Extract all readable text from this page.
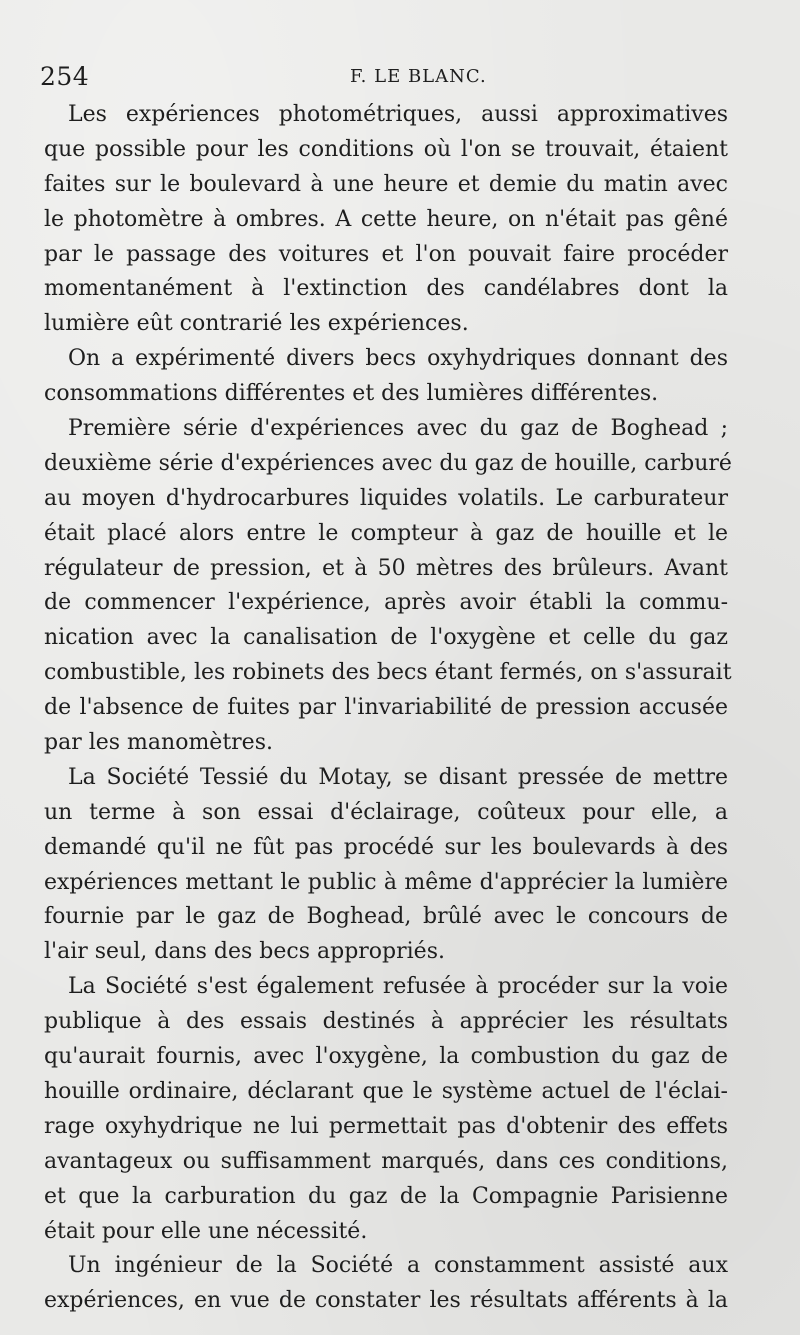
254	F. LE BLANC.
Les expériences photométriques, aussi approximatives
que possible pour les conditions où l'on se trouvait, étaient
faites sur le boulevard à une heure et demie du matin avec
le photomètre à ombres. A cette heure, on n'était pas gêné
par le passage des voitures et l'on pouvait faire procéder
momentanément à l'extinction des candélabres dont la
lumière eût contrarié les expériences.
On a expérimenté divers becs oxyhydriques donnant des
consommations différentes et des lumières différentes.
Première série d'expériences avec du gaz de Boghead ;
deuxième série d'expériences avec du gaz de houille, carburé
au moyen d'hydrocarbures liquides volatils. Le carburateur
était placé alors entre le compteur à gaz de houille et le
régulateur de pression, et à 50 mètres des brûleurs. Avant
de commencer l'expérience, après avoir établi la commu-
nication avec la canalisation de l'oxygène et celle du gaz
combustible, les robinets des becs étant fermés, on s'assurait
de l'absence de fuites par l'invariabilité de pression accusée
par les manomètres.
La Société Tessié du Motay, se disant pressée de mettre
un terme à son essai d'éclairage, coûteux pour elle, a
demandé qu'il ne fût pas procédé sur les boulevards à des
expériences mettant le public à même d'apprécier la lumière
fournie par le gaz de Boghead, brûlé avec le concours de
l'air seul, dans des becs appropriés.
La Société s'est également refusée à procéder sur la voie
publique à des essais destinés à apprécier les résultats
qu'aurait fournis, avec l'oxygène, la combustion du gaz de
houille ordinaire, déclarant que le système actuel de l'éclai-
rage oxyhydrique ne lui permettait pas d'obtenir des effets
avantageux ou suffisamment marqués, dans ces conditions,
et que la carburation du gaz de la Compagnie Parisienne
était pour elle une nécessité.
Un ingénieur de la Société a constamment assisté aux
expériences, en vue de constater les résultats afférents à la
